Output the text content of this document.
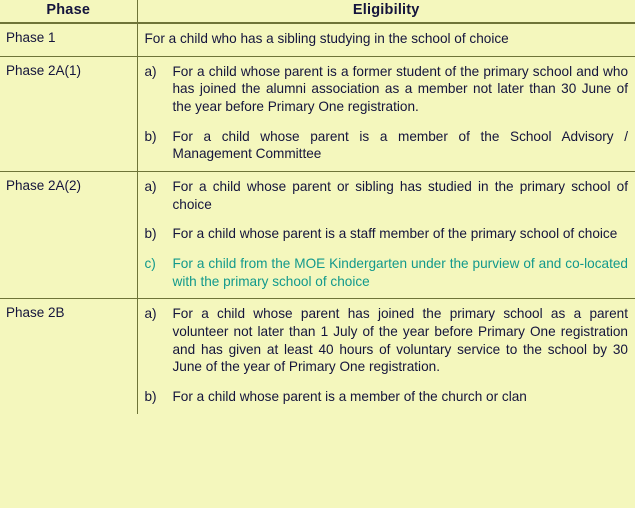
Phase	Eligibility
Phase 1	For a child who has a sibling studying in the school of choice

Phase 2A(1)	a)	For a child whose parent is a former student of the primary school and who has joined the alumni association as a member not later than 30 June of the year before Primary One registration.
b)	For a child whose parent is a member of the School Advisory / Management Committee

Phase 2A(2)	a)	For a child whose parent or sibling has studied in the primary school of choice
b)	For a child whose parent is a staff member of the primary school of choice
c)	For a child from the MOE Kindergarten under the purview of and co-located with the primary school of choice

Phase 2B	a)	For a child whose parent has joined the primary school as a parent volunteer not later than 1 July of the year before Primary One registration and has given at least 40 hours of voluntary service to the school by 30 June of the year of Primary One registration.
b)	For a child whose parent is a member of the church or clan
